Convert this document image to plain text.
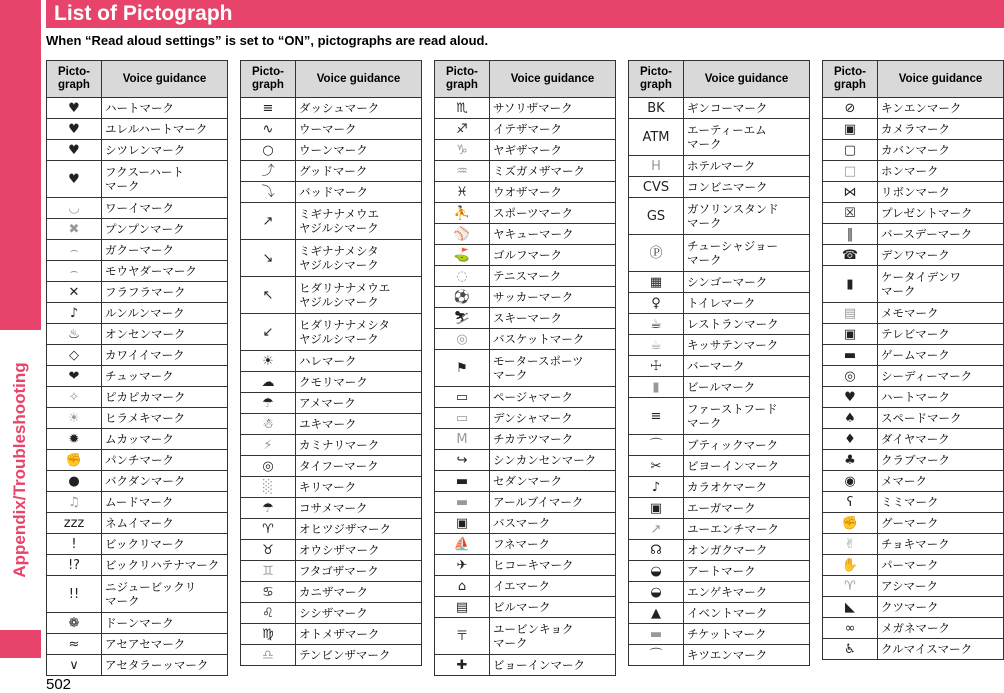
Appendix/Troubleshooting
List of Pictograph
When “Read aloud settings” is set to “ON”, pictographs are read aloud.
Picto-
graph	Voice guidance
♥	ハートマーク
♥	ユレルハートマーク
♥	シツレンマーク
♥	フクスーハート
マーク
◡	ワーイマーク
✖	プンプンマーク
⌢	ガクーマーク
⌢	モウヤダーマーク
✕	フラフラマーク
♪	ルンルンマーク
♨	オンセンマーク
◇	カワイイマーク
❤	チュッマーク
✧	ピカピカマーク
☀	ヒラメキマーク
✹	ムカッマーク
✊	パンチマーク
●	バクダンマーク
♫	ムードマーク
zzz	ネムイマーク
!	ビックリマーク
!?	ビックリハテナマーク
!!	ニジュービックリ
マーク
❁	ドーンマーク
≈	アセアセマーク
∨	アセタラーッマーク
Picto-
graph	Voice guidance
≡	ダッシュマーク
∿	ウーマーク
○	ウーンマーク
⤴	グッドマーク
⤵	バッドマーク
↗	ミギナナメウエ
ヤジルシマーク
↘	ミギナナメシタ
ヤジルシマーク
↖	ヒダリナナメウエ
ヤジルシマーク
↙	ヒダリナナメシタ
ヤジルシマーク
☀	ハレマーク
☁	クモリマーク
☂	アメマーク
☃	ユキマーク
⚡	カミナリマーク
◎	タイフーマーク
░	キリマーク
☂	コサメマーク
♈	オヒツジザマーク
♉	オウシザマーク
♊	フタゴザマーク
♋	カニザマーク
♌	シシザマーク
♍	オトメザマーク
♎	テンビンザマーク
Picto-
graph	Voice guidance
♏	サソリザマーク
♐	イテザマーク
♑	ヤギザマーク
♒	ミズガメザマーク
♓	ウオザマーク
⛹	スポーツマーク
⚾	ヤキューマーク
⛳	ゴルフマーク
◌	テニスマーク
⚽	サッカーマーク
⛷	スキーマーク
◎	バスケットマーク
⚑	モータースポーツ
マーク
▭	ページャマーク
▭	デンシャマーク
M	チカテツマーク
↪	シンカンセンマーク
▬	セダンマーク
▬	アールブイマーク
▣	バスマーク
⛵	フネマーク
✈	ヒコーキマーク
⌂	イエマーク
▤	ビルマーク
〒	ユービンキョク
マーク
✚	ビョーインマーク
Picto-
graph	Voice guidance
BK	ギンコーマーク
ATM	エーティーエム
マーク
H	ホテルマーク
CVS	コンビニマーク
GS	ガソリンスタンド
マーク
Ⓟ	チューシャジョー
マーク
▦	シンゴーマーク
♀	トイレマーク
☕	レストランマーク
☕	キッサテンマーク
☩	バーマーク
▮	ビールマーク
≡	ファーストフード
マーク
⌒	ブティックマーク
✂	ビヨーインマーク
♪	カラオケマーク
▣	エーガマーク
↗	ユーエンチマーク
☊	オンガクマーク
◒	アートマーク
◒	エンゲキマーク
▲	イベントマーク
▬	チケットマーク
⌒	キツエンマーク
Picto-
graph	Voice guidance
⊘	キンエンマーク
▣	カメラマーク
▢	カバンマーク
□	ホンマーク
⋈	リボンマーク
☒	プレゼントマーク
‖	バースデーマーク
☎	デンワマーク
▮	ケータイデンワ
マーク
▤	メモマーク
▣	テレビマーク
▬	ゲームマーク
◎	シーディーマーク
♥	ハートマーク
♠	スペードマーク
♦	ダイヤマーク
♣	クラブマーク
◉	メマーク
ʕ	ミミマーク
✊	グーマーク
✌	チョキマーク
✋	パーマーク
♈	アシマーク
◣	クツマーク
∞	メガネマーク
♿	クルマイスマーク
502
